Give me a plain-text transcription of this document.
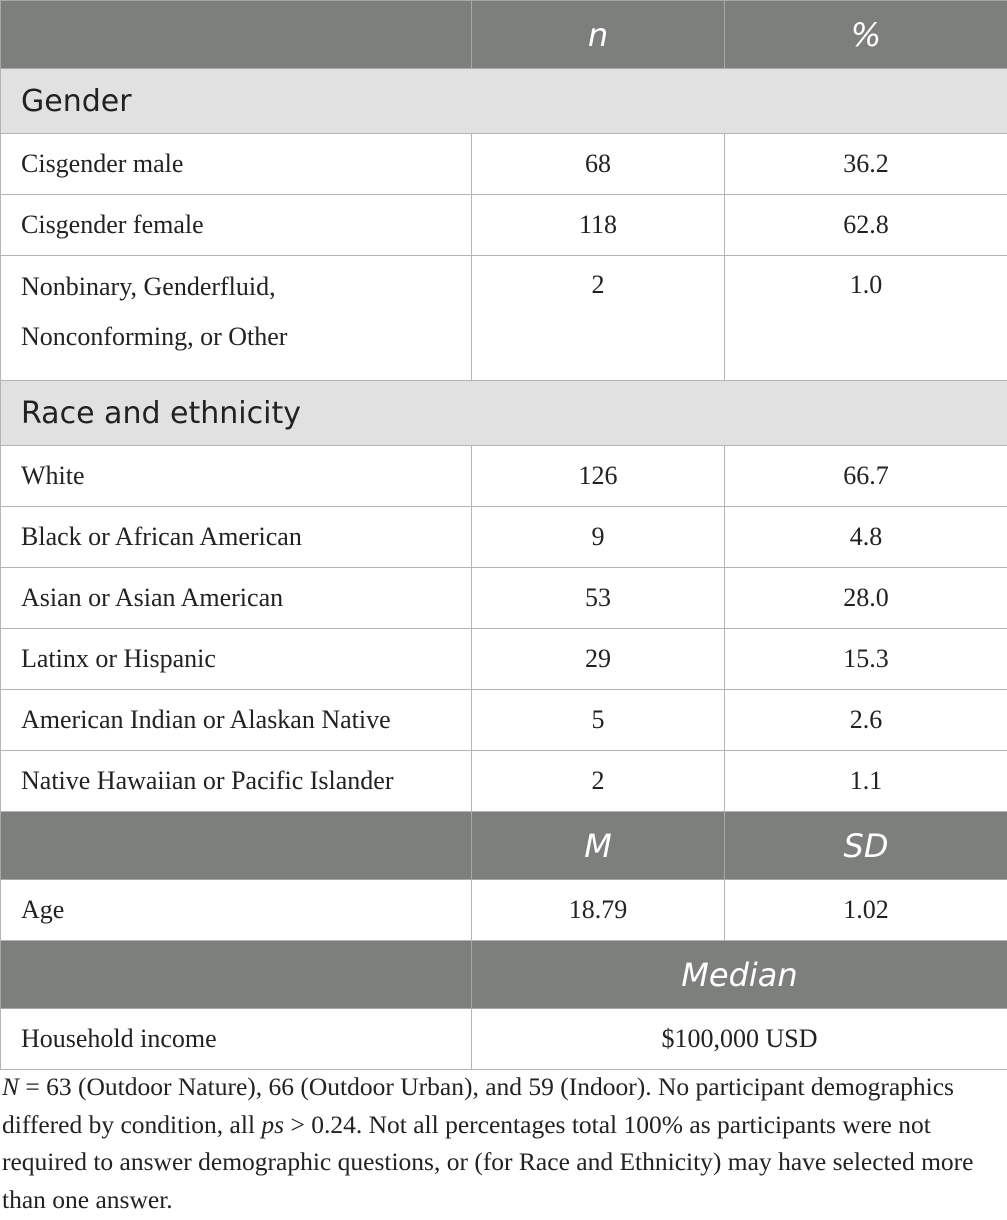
	n	%
Gender		
Cisgender male	68	36.2
Cisgender female	118	62.8
Nonbinary, Genderfluid,
Nonconforming, or Other	2	1.0
Race and ethnicity		
White	126	66.7
Black or African American	9	4.8
Asian or Asian American	53	28.0
Latinx or Hispanic	29	15.3
American Indian or Alaskan Native	5	2.6
Native Hawaiian or Pacific Islander	2	1.1
	M	SD
Age	18.79	1.02
	Median	
Household income	$100,000 USD	
N = 63 (Outdoor Nature), 66 (Outdoor Urban), and 59 (Indoor). No participant demographics differed by condition, all ps > 0.24. Not all percentages total 100% as participants were not required to answer demographic questions, or (for Race and Ethnicity) may have selected more than one answer.
